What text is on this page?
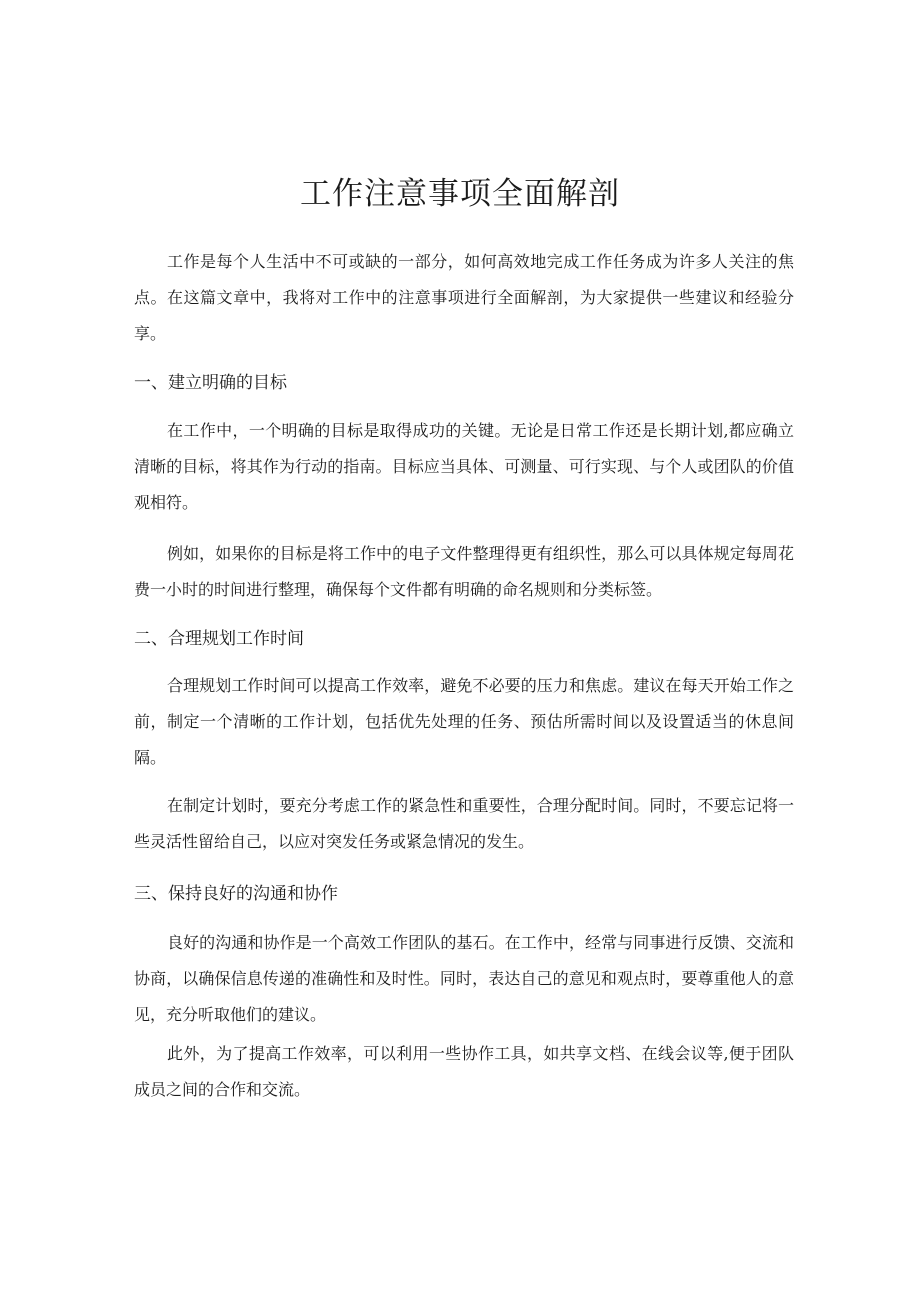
工作注意事项全面解剖

工作是每个人生活中不可或缺的一部分，如何高效地完成工作任务成为许多人关注的焦点。在这篇文章中，我将对工作中的注意事项进行全面解剖，为大家提供一些建议和经验分享。

一、建立明确的目标

在工作中，一个明确的目标是取得成功的关键。无论是日常工作还是长期计划,都应确立清晰的目标，将其作为行动的指南。目标应当具体、可测量、可行实现、与个人或团队的价值观相符。

例如，如果你的目标是将工作中的电子文件整理得更有组织性，那么可以具体规定每周花费一小时的时间进行整理，确保每个文件都有明确的命名规则和分类标签。

二、合理规划工作时间

合理规划工作时间可以提高工作效率，避免不必要的压力和焦虑。建议在每天开始工作之前，制定一个清晰的工作计划，包括优先处理的任务、预估所需时间以及设置适当的休息间隔。

在制定计划时，要充分考虑工作的紧急性和重要性，合理分配时间。同时，不要忘记将一些灵活性留给自己，以应对突发任务或紧急情况的发生。

三、保持良好的沟通和协作

良好的沟通和协作是一个高效工作团队的基石。在工作中，经常与同事进行反馈、交流和协商，以确保信息传递的准确性和及时性。同时，表达自己的意见和观点时，要尊重他人的意见，充分听取他们的建议。

此外，为了提高工作效率，可以利用一些协作工具，如共享文档、在线会议等,便于团队成员之间的合作和交流。
